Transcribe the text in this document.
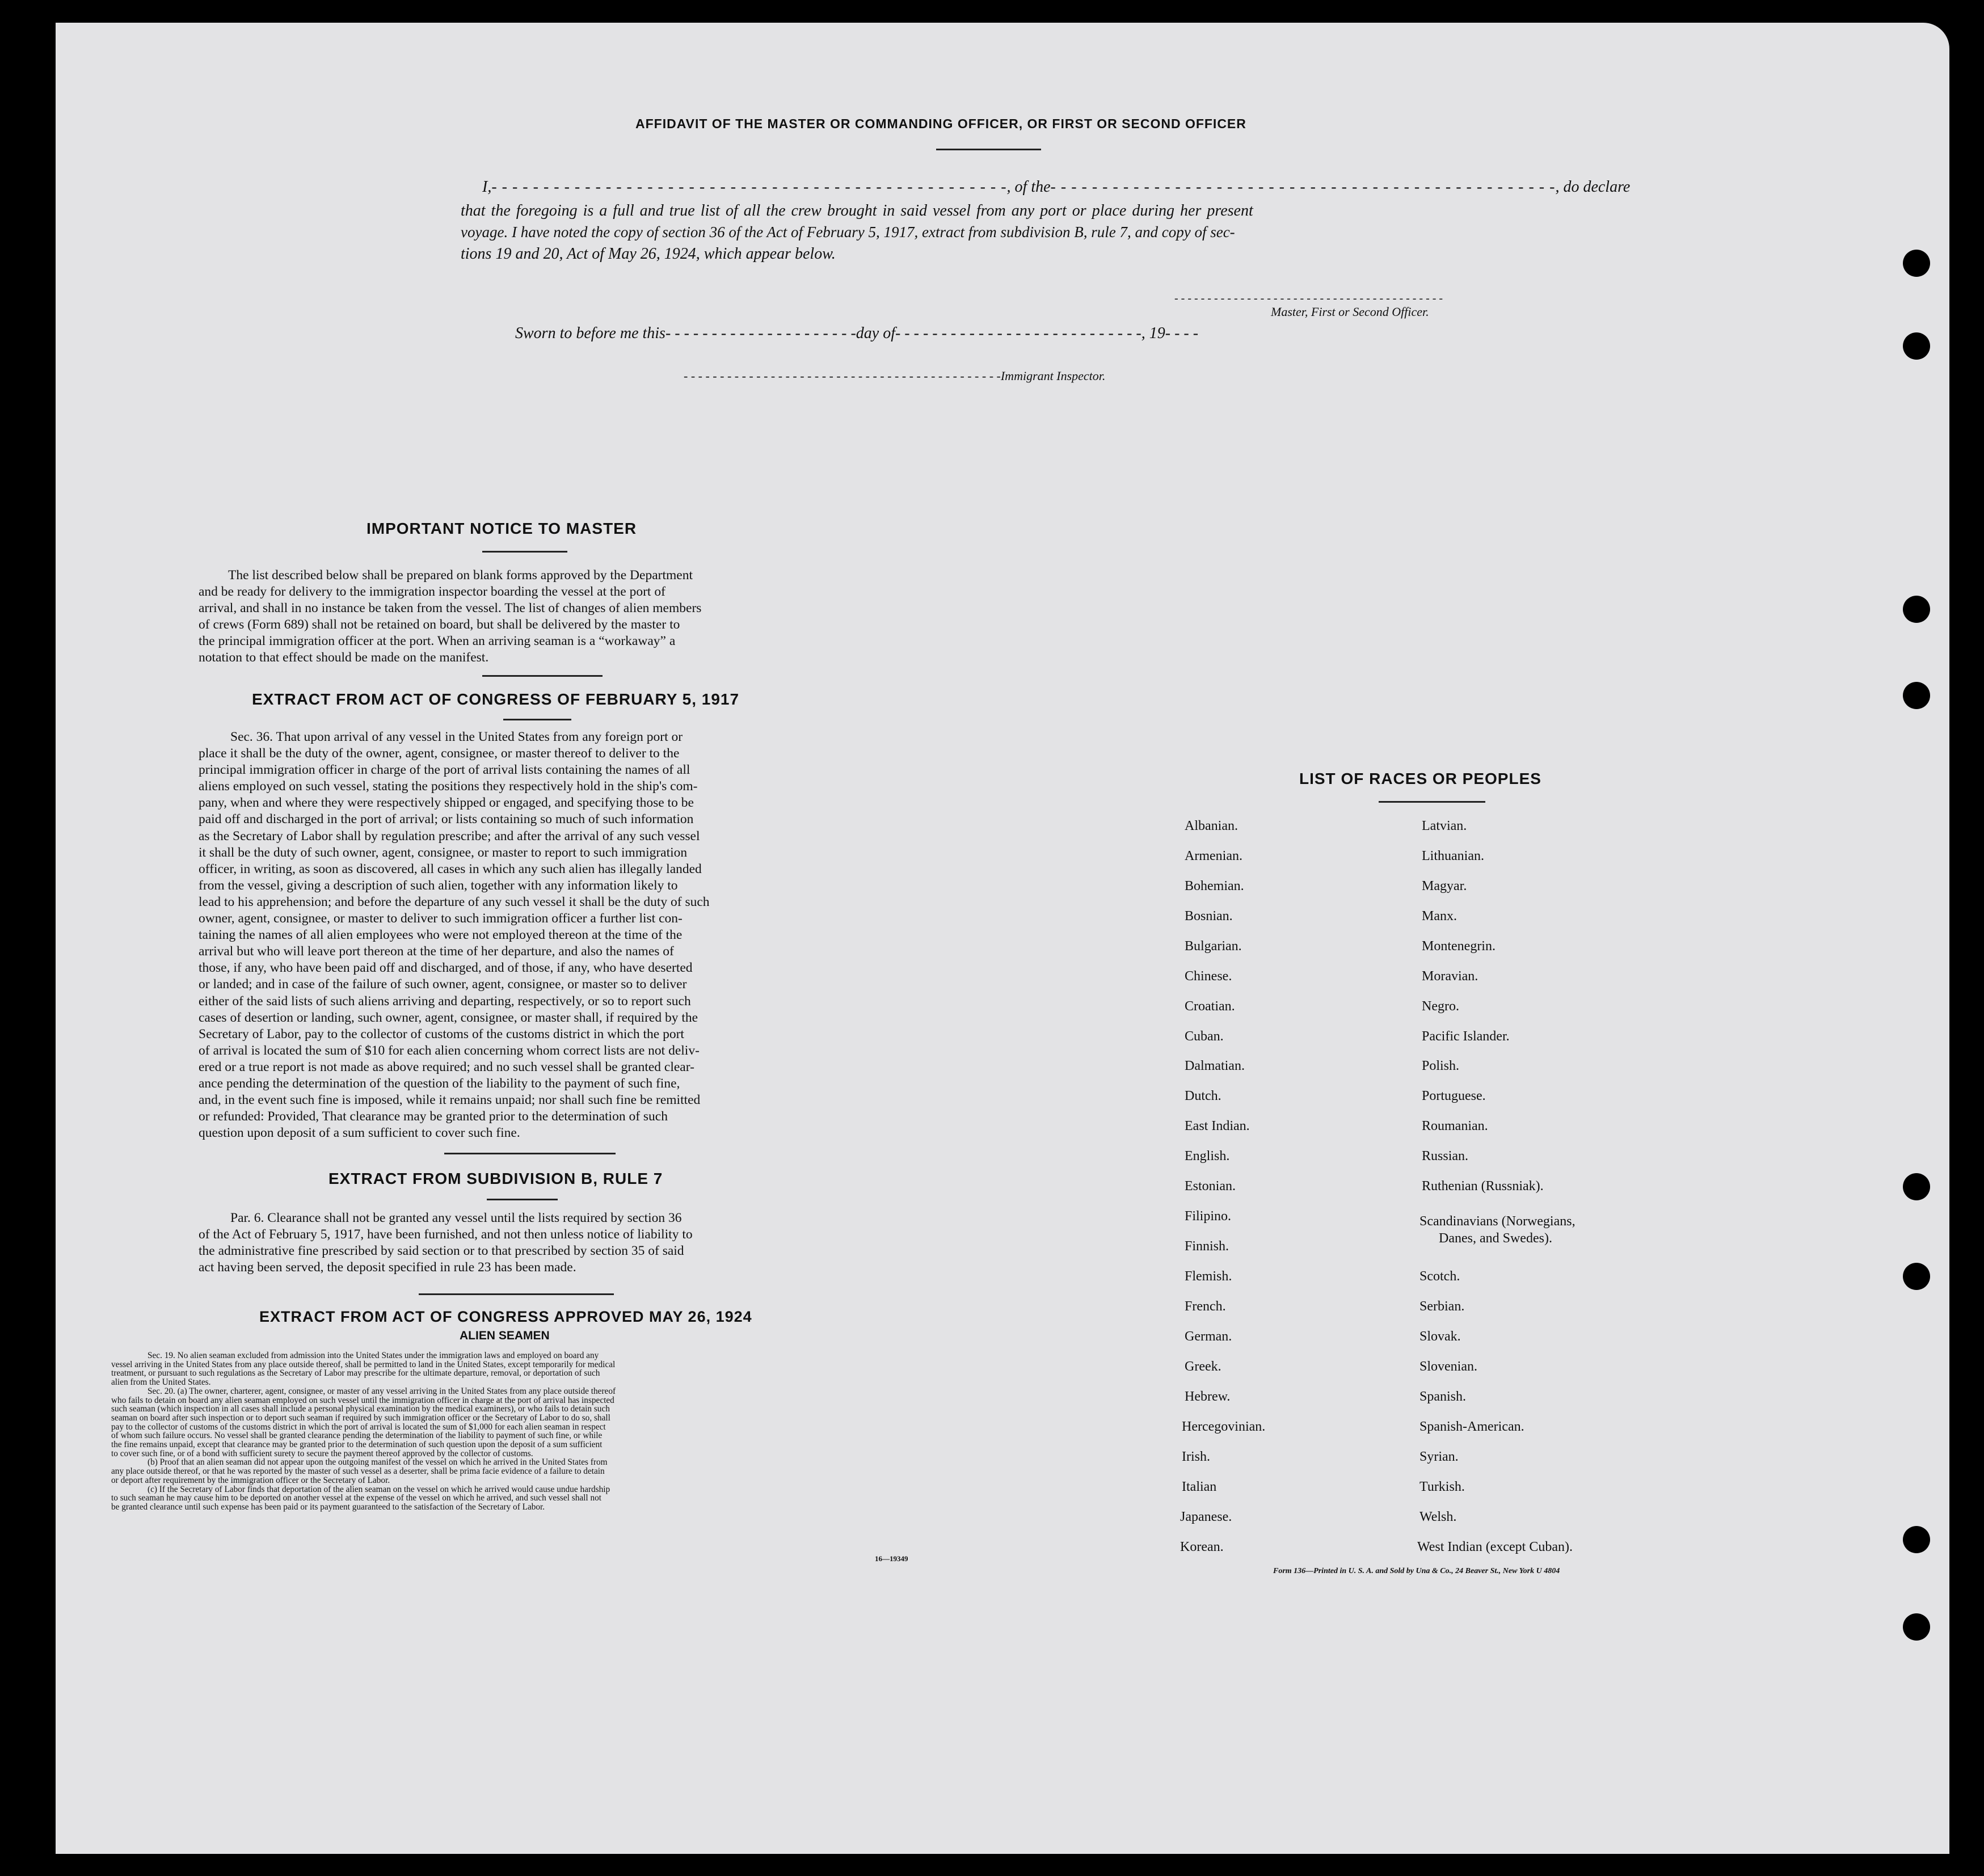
AFFIDAVIT OF THE MASTER OR COMMANDING OFFICER, OR FIRST OR SECOND OFFICER
I,- - - - - - - - - - - - - - - - - - - - - - - - - - - - - - - - - - - - - - - - - - - - - - - - - -, of the- - - - - - - - - - - - - - - - - - - - - - - - - - - - - - - - - - - - - - - - - - - - - - - - -, do declare
that the foregoing is a full and true list of all the crew brought in said vessel from any port or place during her present
voyage. I have noted the copy of section 36 of the Act of February 5, 1917, extract from subdivision B, rule 7, and copy of sec-
tions 19 and 20, Act of May 26, 1924, which appear below.
- - - - - - - - - - - - - - - - - - - - - - - - - - - - - - - - - - - - - - - - -
Master, First or Second Officer.
Sworn to before me this- - - - - - - - - - - - - - - - - - - - -day of- - - - - - - - - - - - - - - - - - - - - - - - - - -, 19- - - -
- - - - - - - - - - - - - - - - - - - - - - - - - - - - - - - - - - - - - - - - - - - -Immigrant Inspector.
IMPORTANT NOTICE TO MASTER

The list described below shall be prepared on blank forms approved by the Department

and be ready for delivery to the immigration inspector boarding the vessel at the port of

arrival, and shall in no instance be taken from the vessel. The list of changes of alien members

of crews (Form 689) shall not be retained on board, but shall be delivered by the master to

the principal immigration officer at the port. When an arriving seaman is a “workaway” a

notation to that effect should be made on the manifest.

EXTRACT FROM ACT OF CONGRESS OF FEBRUARY 5, 1917

Sec. 36. That upon arrival of any vessel in the United States from any foreign port or

place it shall be the duty of the owner, agent, consignee, or master thereof to deliver to the

principal immigration officer in charge of the port of arrival lists containing the names of all

aliens employed on such vessel, stating the positions they respectively hold in the ship's com-

pany, when and where they were respectively shipped or engaged, and specifying those to be

paid off and discharged in the port of arrival; or lists containing so much of such information

as the Secretary of Labor shall by regulation prescribe; and after the arrival of any such vessel

it shall be the duty of such owner, agent, consignee, or master to report to such immigration

officer, in writing, as soon as discovered, all cases in which any such alien has illegally landed

from the vessel, giving a description of such alien, together with any information likely to

lead to his apprehension; and before the departure of any such vessel it shall be the duty of such

owner, agent, consignee, or master to deliver to such immigration officer a further list con-

taining the names of all alien employees who were not employed thereon at the time of the

arrival but who will leave port thereon at the time of her departure, and also the names of

those, if any, who have been paid off and discharged, and of those, if any, who have deserted

or landed; and in case of the failure of such owner, agent, consignee, or master so to deliver

either of the said lists of such aliens arriving and departing, respectively, or so to report such

cases of desertion or landing, such owner, agent, consignee, or master shall, if required by the

Secretary of Labor, pay to the collector of customs of the customs district in which the port

of arrival is located the sum of $10 for each alien concerning whom correct lists are not deliv-

ered or a true report is not made as above required; and no such vessel shall be granted clear-

ance pending the determination of the question of the liability to the payment of such fine,

and, in the event such fine is imposed, while it remains unpaid; nor shall such fine be remitted

or refunded: Provided, That clearance may be granted prior to the determination of such

question upon deposit of a sum sufficient to cover such fine.

EXTRACT FROM SUBDIVISION B, RULE 7

Par. 6. Clearance shall not be granted any vessel until the lists required by section 36

of the Act of February 5, 1917, have been furnished, and not then unless notice of liability to

the administrative fine prescribed by said section or to that prescribed by section 35 of said

act having been served, the deposit specified in rule 23 has been made.

EXTRACT FROM ACT OF CONGRESS APPROVED MAY 26, 1924
ALIEN SEAMEN

Sec. 19. No alien seaman excluded from admission into the United States under the immigration laws and employed on board any

vessel arriving in the United States from any place outside thereof, shall be permitted to land in the United States, except temporarily for medical

treatment, or pursuant to such regulations as the Secretary of Labor may prescribe for the ultimate departure, removal, or deportation of such

alien from the United States.

Sec. 20. (a) The owner, charterer, agent, consignee, or master of any vessel arriving in the United States from any place outside thereof

who fails to detain on board any alien seaman employed on such vessel until the immigration officer in charge at the port of arrival has inspected

such seaman (which inspection in all cases shall include a personal physical examination by the medical examiners), or who fails to detain such

seaman on board after such inspection or to deport such seaman if required by such immigration officer or the Secretary of Labor to do so, shall

pay to the collector of customs of the customs district in which the port of arrival is located the sum of $1,000 for each alien seaman in respect

of whom such failure occurs. No vessel shall be granted clearance pending the determination of the liability to payment of such fine, or while

the fine remains unpaid, except that clearance may be granted prior to the determination of such question upon the deposit of a sum sufficient

to cover such fine, or of a bond with sufficient surety to secure the payment thereof approved by the collector of customs.

(b) Proof that an alien seaman did not appear upon the outgoing manifest of the vessel on which he arrived in the United States from

any place outside thereof, or that he was reported by the master of such vessel as a deserter, shall be prima facie evidence of a failure to detain

or deport after requirement by the immigration officer or the Secretary of Labor.

(c) If the Secretary of Labor finds that deportation of the alien seaman on the vessel on which he arrived would cause undue hardship

to such seaman he may cause him to be deported on another vessel at the expense of the vessel on which he arrived, and such vessel shall not

be granted clearance until such expense has been paid or its payment guaranteed to the satisfaction of the Secretary of Labor.

16—19349
LIST OF RACES OR PEOPLES
Albanian.
Armenian.
Bohemian.
Bosnian.
Bulgarian.
Chinese.
Croatian.
Cuban.
Dalmatian.
Dutch.
East Indian.
English.
Estonian.
Filipino.
Finnish.
Flemish.
French.
German.
Greek.
Hebrew.
Hercegovinian.
Irish.
Italian
Japanese.
Korean.
Latvian.
Lithuanian.
Magyar.
Manx.
Montenegrin.
Moravian.
Negro.
Pacific Islander.
Polish.
Portuguese.
Roumanian.
Russian.
Ruthenian (Russniak).
Scandinavians (Norwegians,
Danes, and Swedes).
Scotch.
Serbian.
Slovak.
Slovenian.
Spanish.
Spanish-American.
Syrian.
Turkish.
Welsh.
West Indian (except Cuban).
Form 136—Printed in U. S. A. and Sold by Una & Co., 24 Beaver St., New York U 4804
